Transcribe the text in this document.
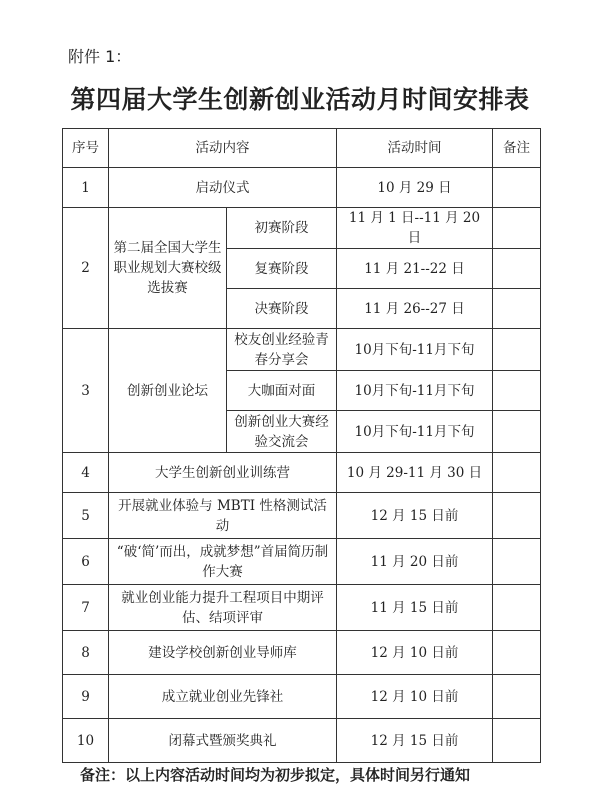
附件 1：
第四届大学生创新创业活动月时间安排表
序号	活动内容		活动时间	备注
1	启动仪式		10 月 29 日	
2	第二届全国大学生职业规划大赛校级选拔赛	初赛阶段	11 月 1 日--11 月 20 日	
		复赛阶段	11 月 21--22 日	
		决赛阶段	11 月 26--27 日	
3	创新创业论坛	校友创业经验青春分享会	10月下旬-11月下旬	
		大咖面对面	10月下旬-11月下旬	
		创新创业大赛经验交流会	10月下旬-11月下旬	
4	大学生创新创业训练营		10 月 29-11 月 30 日	
5	开展就业体验与 MBTI 性格测试活动		12 月 15 日前	
6	“破‘简’而出，成就梦想”首届简历制作大赛		11 月 20 日前	
7	就业创业能力提升工程项目中期评估、结项评审		11 月 15 日前	
8	建设学校创新创业导师库		12 月 10 日前	
9	成立就业创业先锋社		12 月 10 日前	
10	闭幕式暨颁奖典礼		12 月 15 日前	
备注：以上内容活动时间均为初步拟定，具体时间另行通知
